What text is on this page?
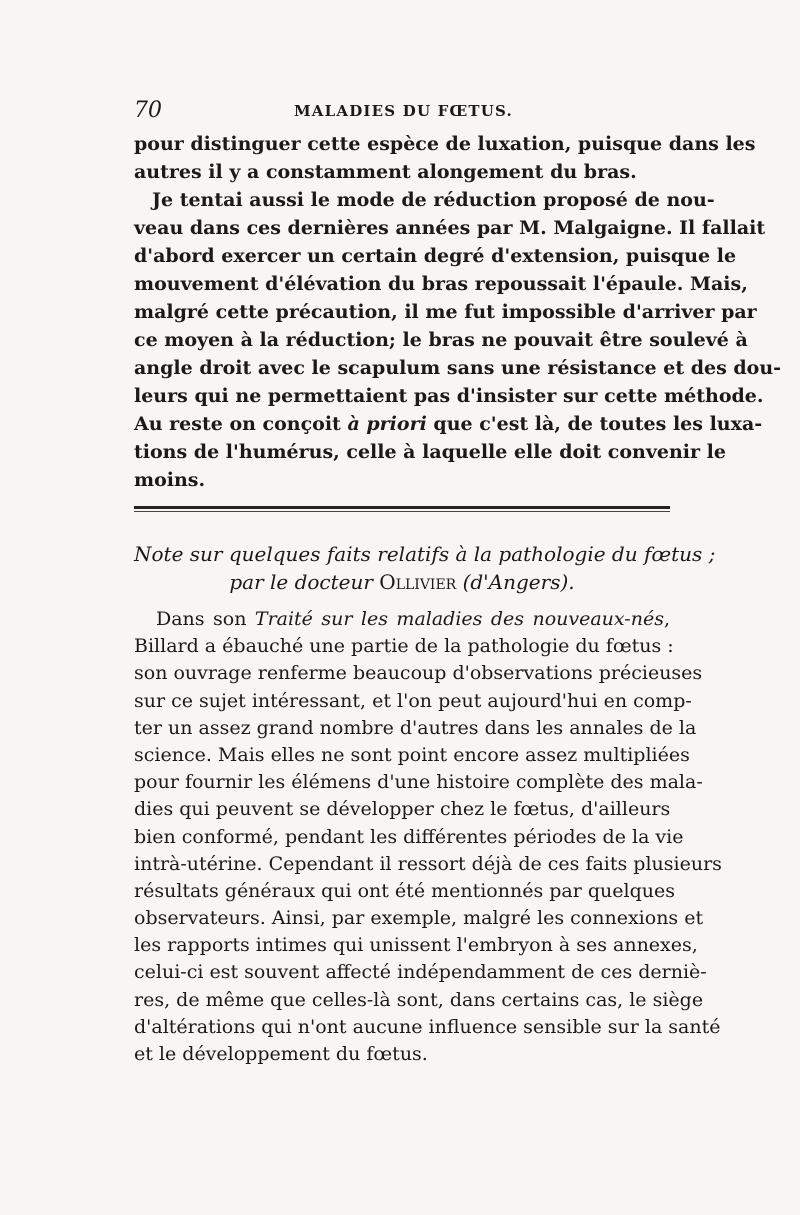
70	MALADIES DU FŒTUS.
pour distinguer cette espèce de luxation, puisque dans les
autres il y a constamment alongement du bras.
Je tentai aussi le mode de réduction proposé de nou-
veau dans ces dernières années par M. Malgaigne. Il fallait
d'abord exercer un certain degré d'extension, puisque le
mouvement d'élévation du bras repoussait l'épaule. Mais,
malgré cette précaution, il me fut impossible d'arriver par
ce moyen à la réduction; le bras ne pouvait être soulevé à
angle droit avec le scapulum sans une résistance et des dou-
leurs qui ne permettaient pas d'insister sur cette méthode.
Au reste on conçoit à priori que c'est là, de toutes les luxa-
tions de l'humérus, celle à laquelle elle doit convenir le
moins.
Note sur quelques faits relatifs à la pathologie du fœtus ;
par le docteur Ollivier (d'Angers).
Dans son Traité sur les maladies des nouveaux-nés,
Billard a ébauché une partie de la pathologie du fœtus :
son ouvrage renferme beaucoup d'observations précieuses
sur ce sujet intéressant, et l'on peut aujourd'hui en comp-
ter un assez grand nombre d'autres dans les annales de la
science. Mais elles ne sont point encore assez multipliées
pour fournir les élémens d'une histoire complète des mala-
dies qui peuvent se développer chez le fœtus, d'ailleurs
bien conformé, pendant les différentes périodes de la vie
intrà-utérine. Cependant il ressort déjà de ces faits plusieurs
résultats généraux qui ont été mentionnés par quelques
observateurs. Ainsi, par exemple, malgré les connexions et
les rapports intimes qui unissent l'embryon à ses annexes,
celui-ci est souvent affecté indépendamment de ces derniè-
res, de même que celles-là sont, dans certains cas, le siège
d'altérations qui n'ont aucune influence sensible sur la santé
et le développement du fœtus.
